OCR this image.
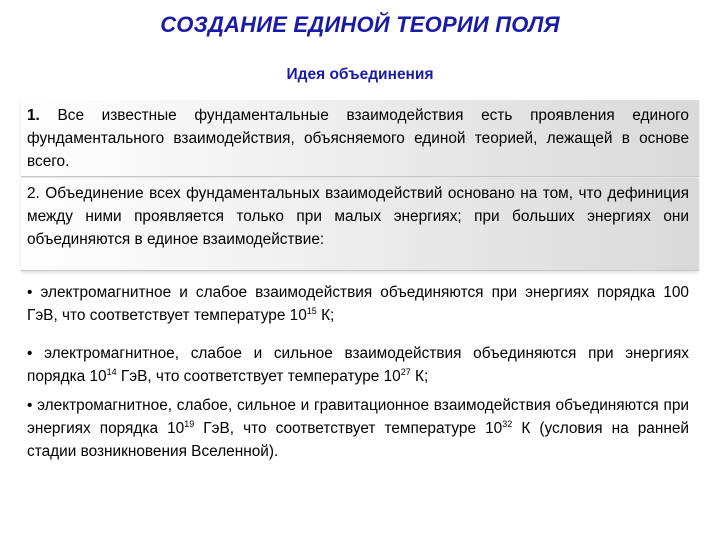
СОЗДАНИЕ ЕДИНОЙ ТЕОРИИ ПОЛЯ
Идея объединения
1. Все известные фундаментальные взаимодействия есть проявления единого фундаментального взаимодействия, объясняемого единой теорией, лежащей в основе всего.
2. Объединение всех фундаментальных взаимодействий основано на том, что дефиниция между ними проявляется только при малых энергиях; при больших энергиях они объединяются в единое взаимодействие:
• электромагнитное и слабое взаимодействия объединяются при энергиях порядка 100 ГэВ, что соответствует температуре $10^{15}$ К;
• электромагнитное, слабое и сильное взаимодействия объединяются при энергиях порядка $10^{14}$ ГэВ, что соответствует температуре $10^{27}$ К;
• электромагнитное, слабое, сильное и гравитационное взаимодействия объединяются при энергиях порядка $10^{19}$ ГэВ, что соответствует температуре $10^{32}$ К (условия на ранней стадии возникновения Вселенной).
